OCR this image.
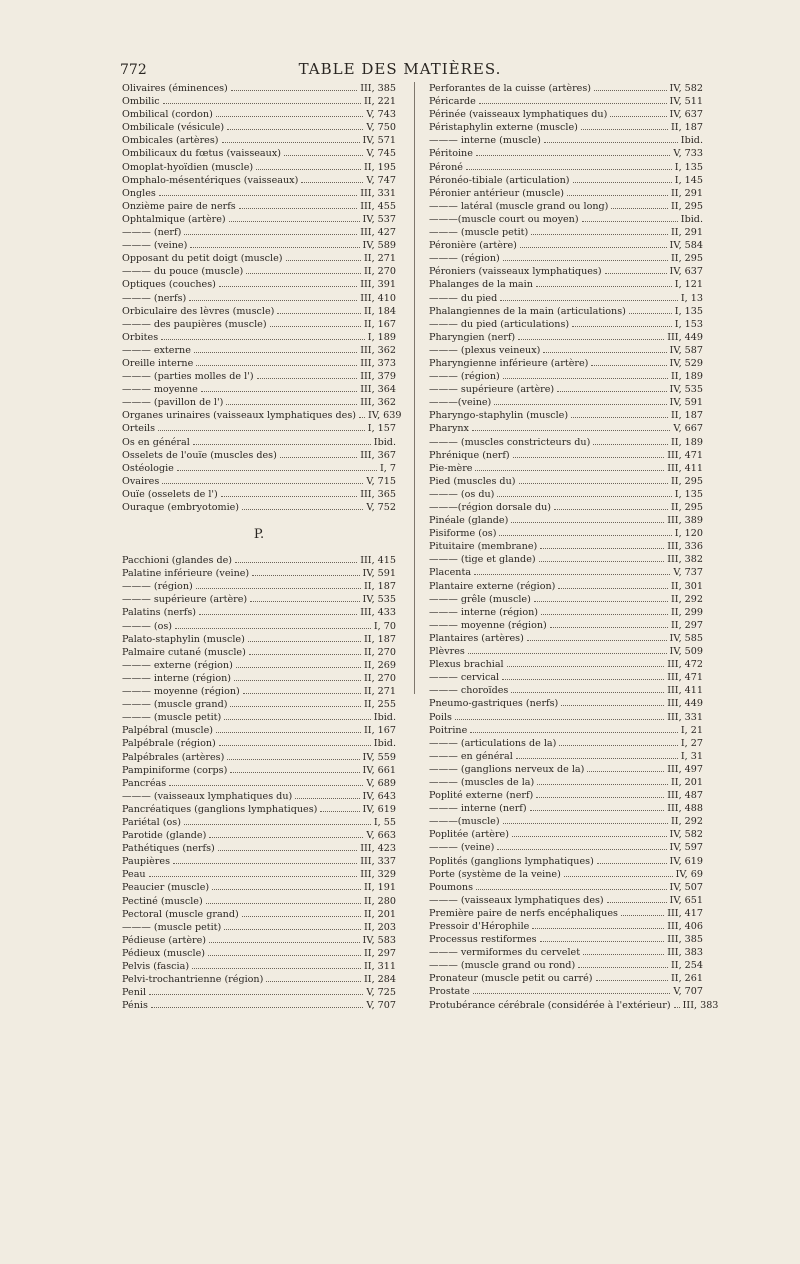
772	TABLE DES MATIÈRES.
Olivaires (éminences)	III, 385
Ombilic	II, 221
Ombilical (cordon)	V, 743
Ombilicale (vésicule)	V, 750
Ombicales (artères)	IV, 571
Ombilicaux du fœtus (vaisseaux)	V, 745
Omoplat-hyoïdien (muscle)	II, 195
Omphalo-mésentériques (vaisseaux)	V, 747
Ongles	III, 331
Onzième paire de nerfs	III, 455
Ophtalmique (artère)	IV, 537
——— (nerf)	III, 427
——— (veine)	IV, 589
Opposant du petit doigt (muscle)	II, 271
——— du pouce (muscle)	II, 270
Optiques (couches)	III, 391
——— (nerfs)	III, 410
Orbiculaire des lèvres (muscle)	II, 184
——— des paupières (muscle)	II, 167
Orbites	I, 189
——— externe	III, 362
Oreille interne	III, 373
——— (parties molles de l')	III, 379
——— moyenne	III, 364
——— (pavillon de l')	III, 362
Organes urinaires (vaisseaux lymphatiques des) IV, 639
Orteils	I, 157
Os en général	Ibid.
Osselets de l'ouïe (muscles des)	III, 367
Ostéologie	I, 7
Ovaires	V, 715
Ouïe (osselets de l')	III, 365
Ouraque (embryotomie)	V, 752
P.
Pacchioni (glandes de)	III, 415
Palatine inférieure (veine)	IV, 591
——— (région)	II, 187
——— supérieure (artère)	IV, 535
Palatins (nerfs)	III, 433
——— (os)	I, 70
Palato-staphylin (muscle)	II, 187
Palmaire cutané (muscle)	II, 270
——— externe (région)	II, 269
——— interne (région)	II, 270
——— moyenne (région)	II, 271
——— (muscle grand)	II, 255
——— (muscle petit)	Ibid.
Palpébral (muscle)	II, 167
Palpébrale (région)	Ibid.
Palpébrales (artères)	IV, 559
Pampiniforme (corps)	IV, 661
Pancréas	V, 689
——— (vaisseaux lymphatiques du)	IV, 643
Pancréatiques (ganglions lymphatiques)	IV, 619
Pariétal (os)	I, 55
Parotide (glande)	V, 663
Pathétiques (nerfs)	III, 423
Paupières	III, 337
Peau	III, 329
Peaucier (muscle)	II, 191
Pectiné (muscle)	II, 280
Pectoral (muscle grand)	II, 201
——— (muscle petit)	II, 203
Pédieuse (artère)	IV, 583
Pédieux (muscle)	II, 297
Pelvis (fascia)	II, 311
Pelvi-trochantrienne (région)	II, 284
Penil	V, 725
Pénis	V, 707
Perforantes de la cuisse (artères)	IV, 582
Péricarde	IV, 511
Périnée (vaisseaux lymphatiques du)	IV, 637
Péristaphylin externe (muscle)	II, 187
——— interne (muscle)	Ibid.
Péritoine	V, 733
Péroné	I, 135
Péronéo-tibiale (articulation)	I, 145
Péronier antérieur (muscle)	II, 291
——— latéral (muscle grand ou long)	II, 295
———(muscle court ou moyen)	Ibid.
——— (muscle petit)	II, 291
Péronière (artère)	IV, 584
——— (région)	II, 295
Péroniers (vaisseaux lymphatiques)	IV, 637
Phalanges de la main	I, 121
——— du pied	I, 13
Phalangiennes de la main (articulations)	I, 135
——— du pied (articulations)	I, 153
Pharyngien (nerf)	III, 449
——— (plexus veineux)	IV, 587
Pharyngienne inférieure (artère)	IV, 529
——— (région)	II, 189
——— supérieure (artère)	IV, 535
———(veine)	IV, 591
Pharyngo-staphylin (muscle)	II, 187
Pharynx	V, 667
——— (muscles constricteurs du)	II, 189
Phrénique (nerf)	III, 471
Pie-mère	III, 411
Pied (muscles du)	II, 295
——— (os du)	I, 135
———(région dorsale du)	II, 295
Pinéale (glande)	III, 389
Pisiforme (os)	I, 120
Pituitaire (membrane)	III, 336
——— (tige et glande)	III, 382
Placenta	V, 737
Plantaire externe (région)	II, 301
——— grêle (muscle)	II, 292
——— interne (région)	II, 299
——— moyenne (région)	II, 297
Plantaires (artères)	IV, 585
Plèvres	IV, 509
Plexus brachial	III, 472
——— cervical	III, 471
——— choroïdes	III, 411
Pneumo-gastriques (nerfs)	III, 449
Poils	III, 331
Poitrine	I, 21
——— (articulations de la)	I, 27
——— en général	I, 31
——— (ganglions nerveux de la)	III, 497
——— (muscles de la)	II, 201
Poplité externe (nerf)	III, 487
——— interne (nerf)	III, 488
———(muscle)	II, 292
Poplitée (artère)	IV, 582
——— (veine)	IV, 597
Poplités (ganglions lymphatiques)	IV, 619
Porte (système de la veine)	IV, 69
Poumons	IV, 507
——— (vaisseaux lymphatiques des)	IV, 651
Première paire de nerfs encéphaliques	III, 417
Pressoir d'Hérophile	III, 406
Processus restiformes	III, 385
——— vermiformes du cervelet	III, 383
——— (muscle grand ou rond)	II, 254
Pronateur (muscle petit ou carré)	II, 261
Prostate	V, 707
Protubérance cérébrale (considérée à l'extérieur) III, 383
